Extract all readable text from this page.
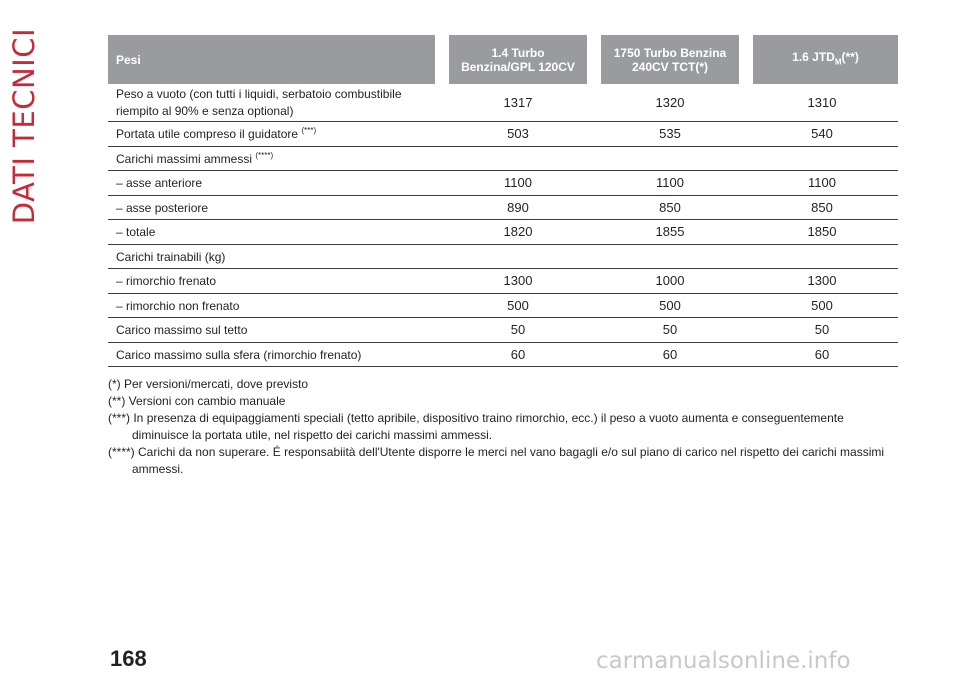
DATI TECNICI	Pesi	1.4 Turbo Benzina/GPL 120CV	1750 Turbo Benzina 240CV TCT(*)	1.6 $JTD_M(**)$
Peso a vuoto (con tutti i liquidi, serbatoio combustibile riempito al 90% e senza optional)	1317	1320	1310
Portata utile compreso il guidatore (***)	503	535	540
Carichi massimi ammessi (****)			
– asse anteriore	1100	1100	1100
– asse posteriore	890	850	850
– totale	1820	1855	1850
Carichi trainabili (kg)			
– rimorchio frenato	1300	1000	1300
– rimorchio non frenato	500	500	500
Carico massimo sul tetto	50	50	50
Carico massimo sulla sfera (rimorchio frenato)	60	60	60

(*) Per versioni/mercati, dove previsto

(**) Versioni con cambio manuale

(***) In presenza di equipaggiamenti speciali (tetto apribile, dispositivo traino rimorchio, ecc.) il peso a vuoto aumenta e conseguentemente diminuisce la portata utile, nel rispetto dei carichi massimi ammessi.

(****) Carichi da non superare. É responsabiità dell'Utente disporre le merci nel vano bagagli e/o sul piano di carico nel rispetto dei carichi massimi ammessi.

168	carmanualsonline.info
